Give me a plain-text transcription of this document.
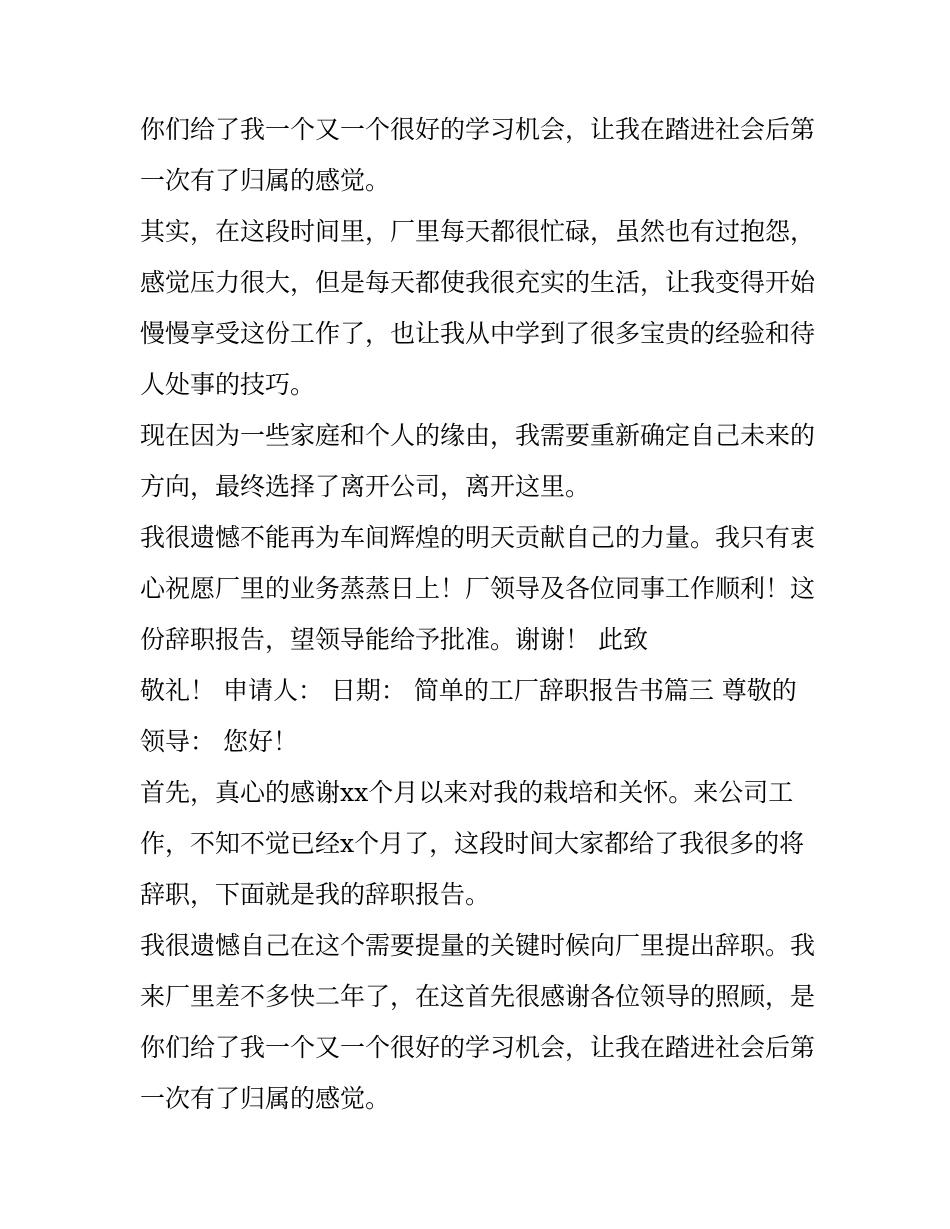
你们给了我一个又一个很好的学习机会，让我在踏进社会后第
一次有了归属的感觉。
其实，在这段时间里，厂里每天都很忙碌，虽然也有过抱怨，
感觉压力很大，但是每天都使我很充实的生活，让我变得开始
慢慢享受这份工作了，也让我从中学到了很多宝贵的经验和待
人处事的技巧。
现在因为一些家庭和个人的缘由，我需要重新确定自己未来的
方向，最终选择了离开公司，离开这里。
我很遗憾不能再为车间辉煌的明天贡献自己的力量。我只有衷
心祝愿厂里的业务蒸蒸日上！厂领导及各位同事工作顺利！这
份辞职报告，望领导能给予批准。谢谢！ 此致
敬礼！ 申请人： 日期： 简单的工厂辞职报告书篇三 尊敬的
领导： 您好！
首先，真心的感谢xx个月以来对我的栽培和关怀。来公司工
作，不知不觉已经x个月了，这段时间大家都给了我很多的将
辞职，下面就是我的辞职报告。
我很遗憾自己在这个需要提量的关键时候向厂里提出辞职。我
来厂里差不多快二年了，在这首先很感谢各位领导的照顾，是
你们给了我一个又一个很好的学习机会，让我在踏进社会后第
一次有了归属的感觉。
